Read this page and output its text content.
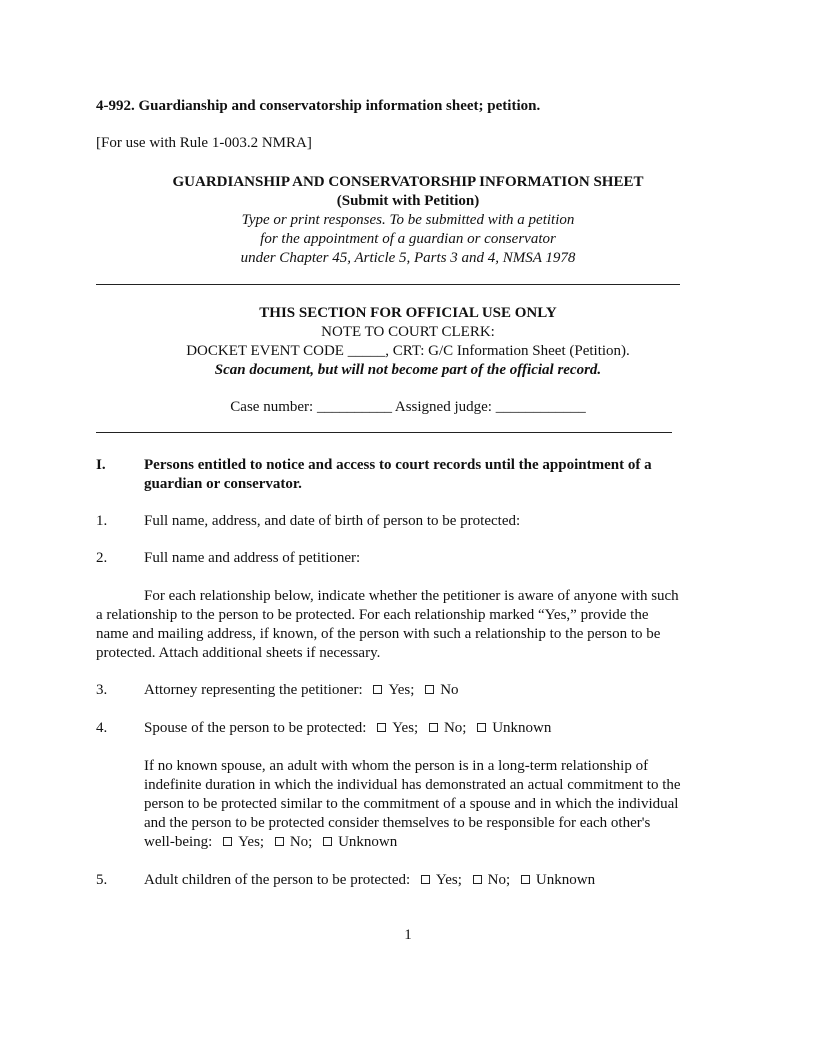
4-992. Guardianship and conservatorship information sheet; petition.
[For use with Rule 1-003.2 NMRA]
GUARDIANSHIP AND CONSERVATORSHIP INFORMATION SHEET
(Submit with Petition)
Type or print responses. To be submitted with a petition
for the appointment of a guardian or conservator
under Chapter 45, Article 5, Parts 3 and 4, NMSA 1978
THIS SECTION FOR OFFICIAL USE ONLY
NOTE TO COURT CLERK:
DOCKET EVENT CODE _____, CRT: G/C Information Sheet (Petition).
Scan document, but will not become part of the official record.
Case number: __________ Assigned judge: ____________
I.	Persons entitled to notice and access to court records until the appointment of a
guardian or conservator.
1. Full name, address, and date of birth of person to be protected:
2. Full name and address of petitioner:
For each relationship below, indicate whether the petitioner is aware of anyone with such
a relationship to the person to be protected. For each relationship marked “Yes,” provide the
name and mailing address, if known, of the person with such a relationship to the person to be
protected. Attach additional sheets if necessary.
3. Attorney representing the petitioner: Yes; No
4. Spouse of the person to be protected: Yes; No; Unknown
If no known spouse, an adult with whom the person is in a long-term relationship of
indefinite duration in which the individual has demonstrated an actual commitment to the
person to be protected similar to the commitment of a spouse and in which the individual
and the person to be protected consider themselves to be responsible for each other's
well-being: Yes; No; Unknown
5. Adult children of the person to be protected: Yes; No; Unknown
1
